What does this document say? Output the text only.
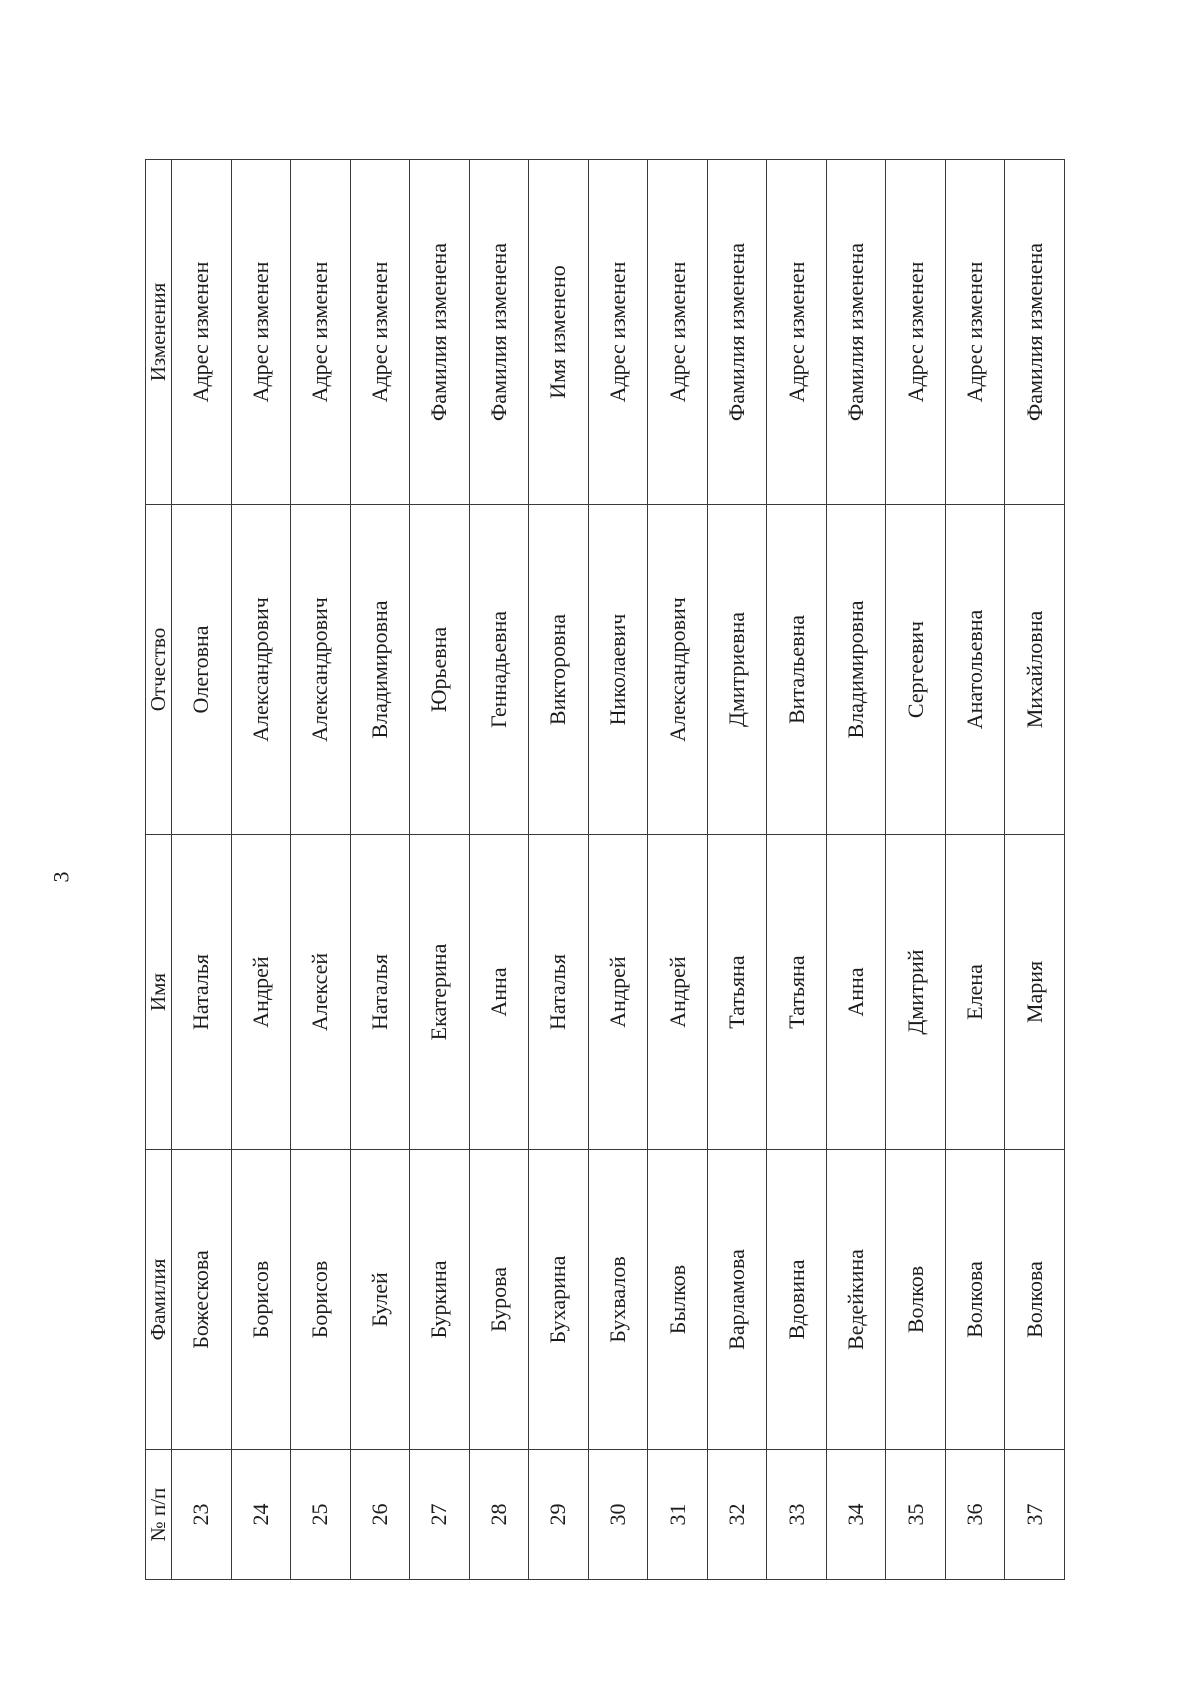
3
№ п/п	Фамилия	Имя	Отчество	Изменения
23	Божескова	Наталья	Олеговна	Адрес изменен
24	Борисов	Андрей	Александрович	Адрес изменен
25	Борисов	Алексей	Александрович	Адрес изменен
26	Булей	Наталья	Владимировна	Адрес изменен
27	Буркина	Екатерина	Юрьевна	Фамилия изменена
28	Бурова	Анна	Геннадьевна	Фамилия изменена
29	Бухарина	Наталья	Викторовна	Имя изменено
30	Бухвалов	Андрей	Николаевич	Адрес изменен
31	Былков	Андрей	Александрович	Адрес изменен
32	Варламова	Татьяна	Дмитриевна	Фамилия изменена
33	Вдовина	Татьяна	Витальевна	Адрес изменен
34	Ведейкина	Анна	Владимировна	Фамилия изменена
35	Волков	Дмитрий	Сергеевич	Адрес изменен
36	Волкова	Елена	Анатольевна	Адрес изменен
37	Волкова	Мария	Михайловна	Фамилия изменена
